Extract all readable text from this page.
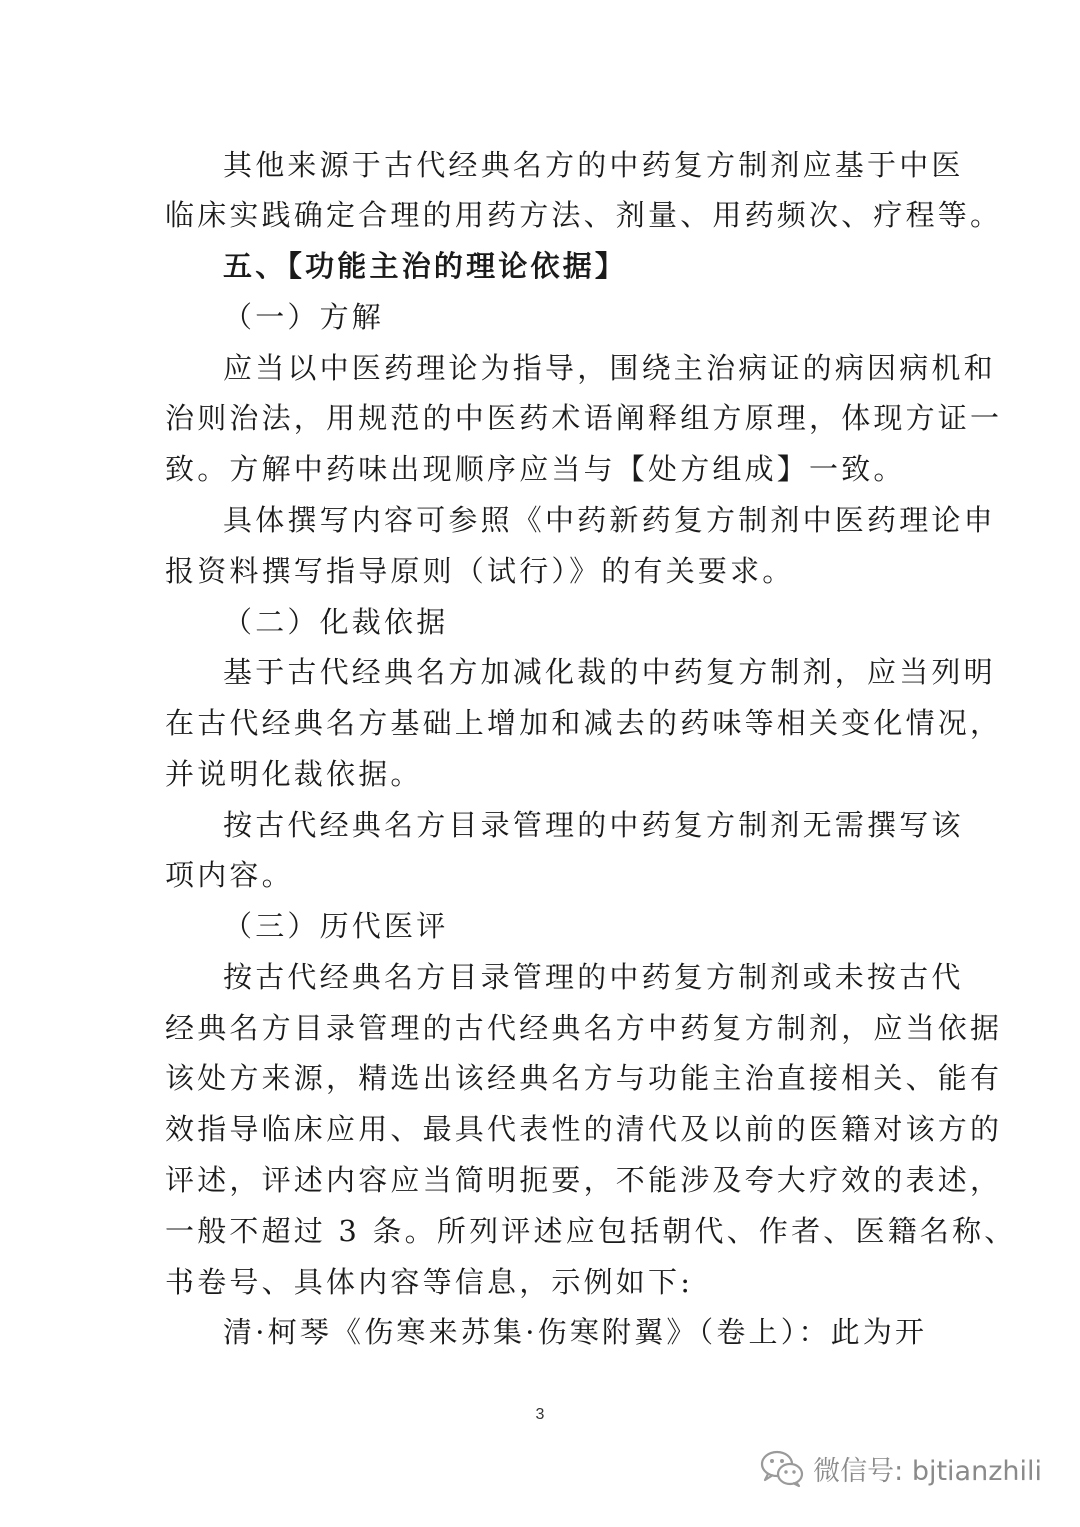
其他来源于古代经典名方的中药复方制剂应基于中医
临床实践确定合理的用药方法、剂量、用药频次、疗程等。
五、【功能主治的理论依据】
（一）方解
应当以中医药理论为指导，围绕主治病证的病因病机和
治则治法，用规范的中医药术语阐释组方原理，体现方证一
致。方解中药味出现顺序应当与【处方组成】一致。
具体撰写内容可参照《中药新药复方制剂中医药理论申
报资料撰写指导原则（试行）》的有关要求。
（二）化裁依据
基于古代经典名方加减化裁的中药复方制剂，应当列明
在古代经典名方基础上增加和减去的药味等相关变化情况，
并说明化裁依据。
按古代经典名方目录管理的中药复方制剂无需撰写该
项内容。
（三）历代医评
按古代经典名方目录管理的中药复方制剂或未按古代
经典名方目录管理的古代经典名方中药复方制剂，应当依据
该处方来源，精选出该经典名方与功能主治直接相关、能有
效指导临床应用、最具代表性的清代及以前的医籍对该方的
评述，评述内容应当简明扼要，不能涉及夸大疗效的表述，
一般不超过 3 条。所列评述应包括朝代、作者、医籍名称、
书卷号、具体内容等信息，示例如下:
清·柯琴《伤寒来苏集·伤寒附翼》（卷上）：此为开
3
微信号: bjtianzhili
